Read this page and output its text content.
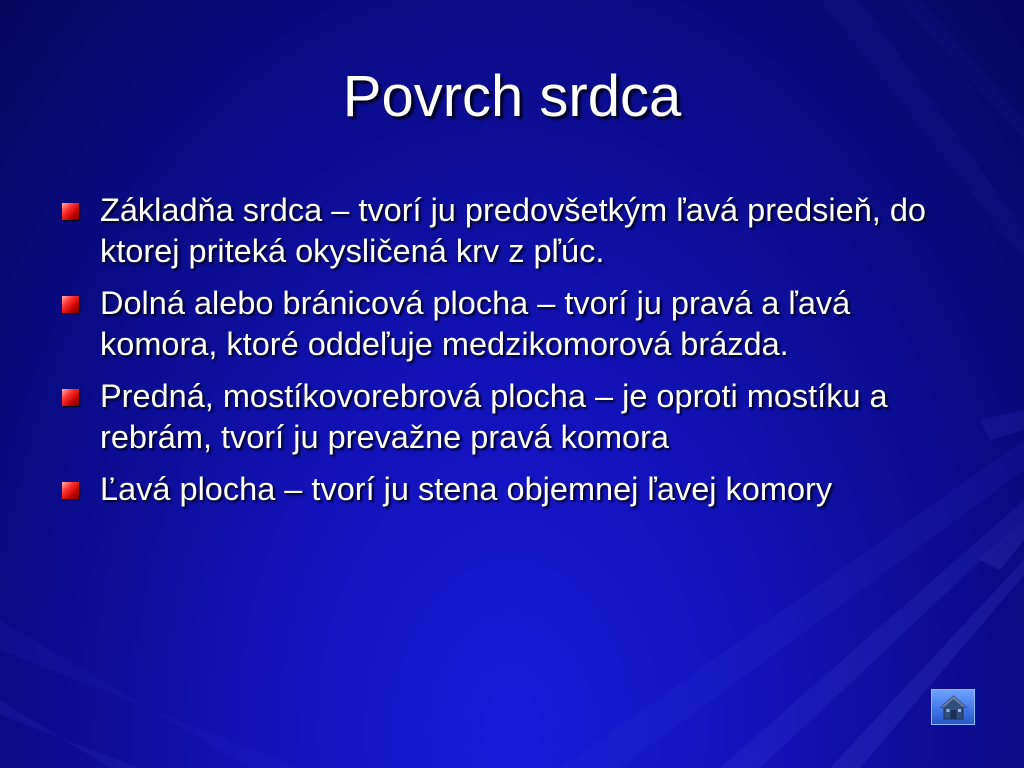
Povrch srdca
Základňa srdca – tvorí ju predovšetkým ľavá predsieň, do ktorej priteká okysličená krv z pľúc.
Dolná alebo bránicová plocha – tvorí ju pravá a ľavá komora, ktoré oddeľuje medzikomorová brázda.
Predná, mostíkovorebrová plocha – je oproti mostíku a rebrám, tvorí ju prevažne pravá komora
Ľavá plocha – tvorí ju stena objemnej ľavej komory
